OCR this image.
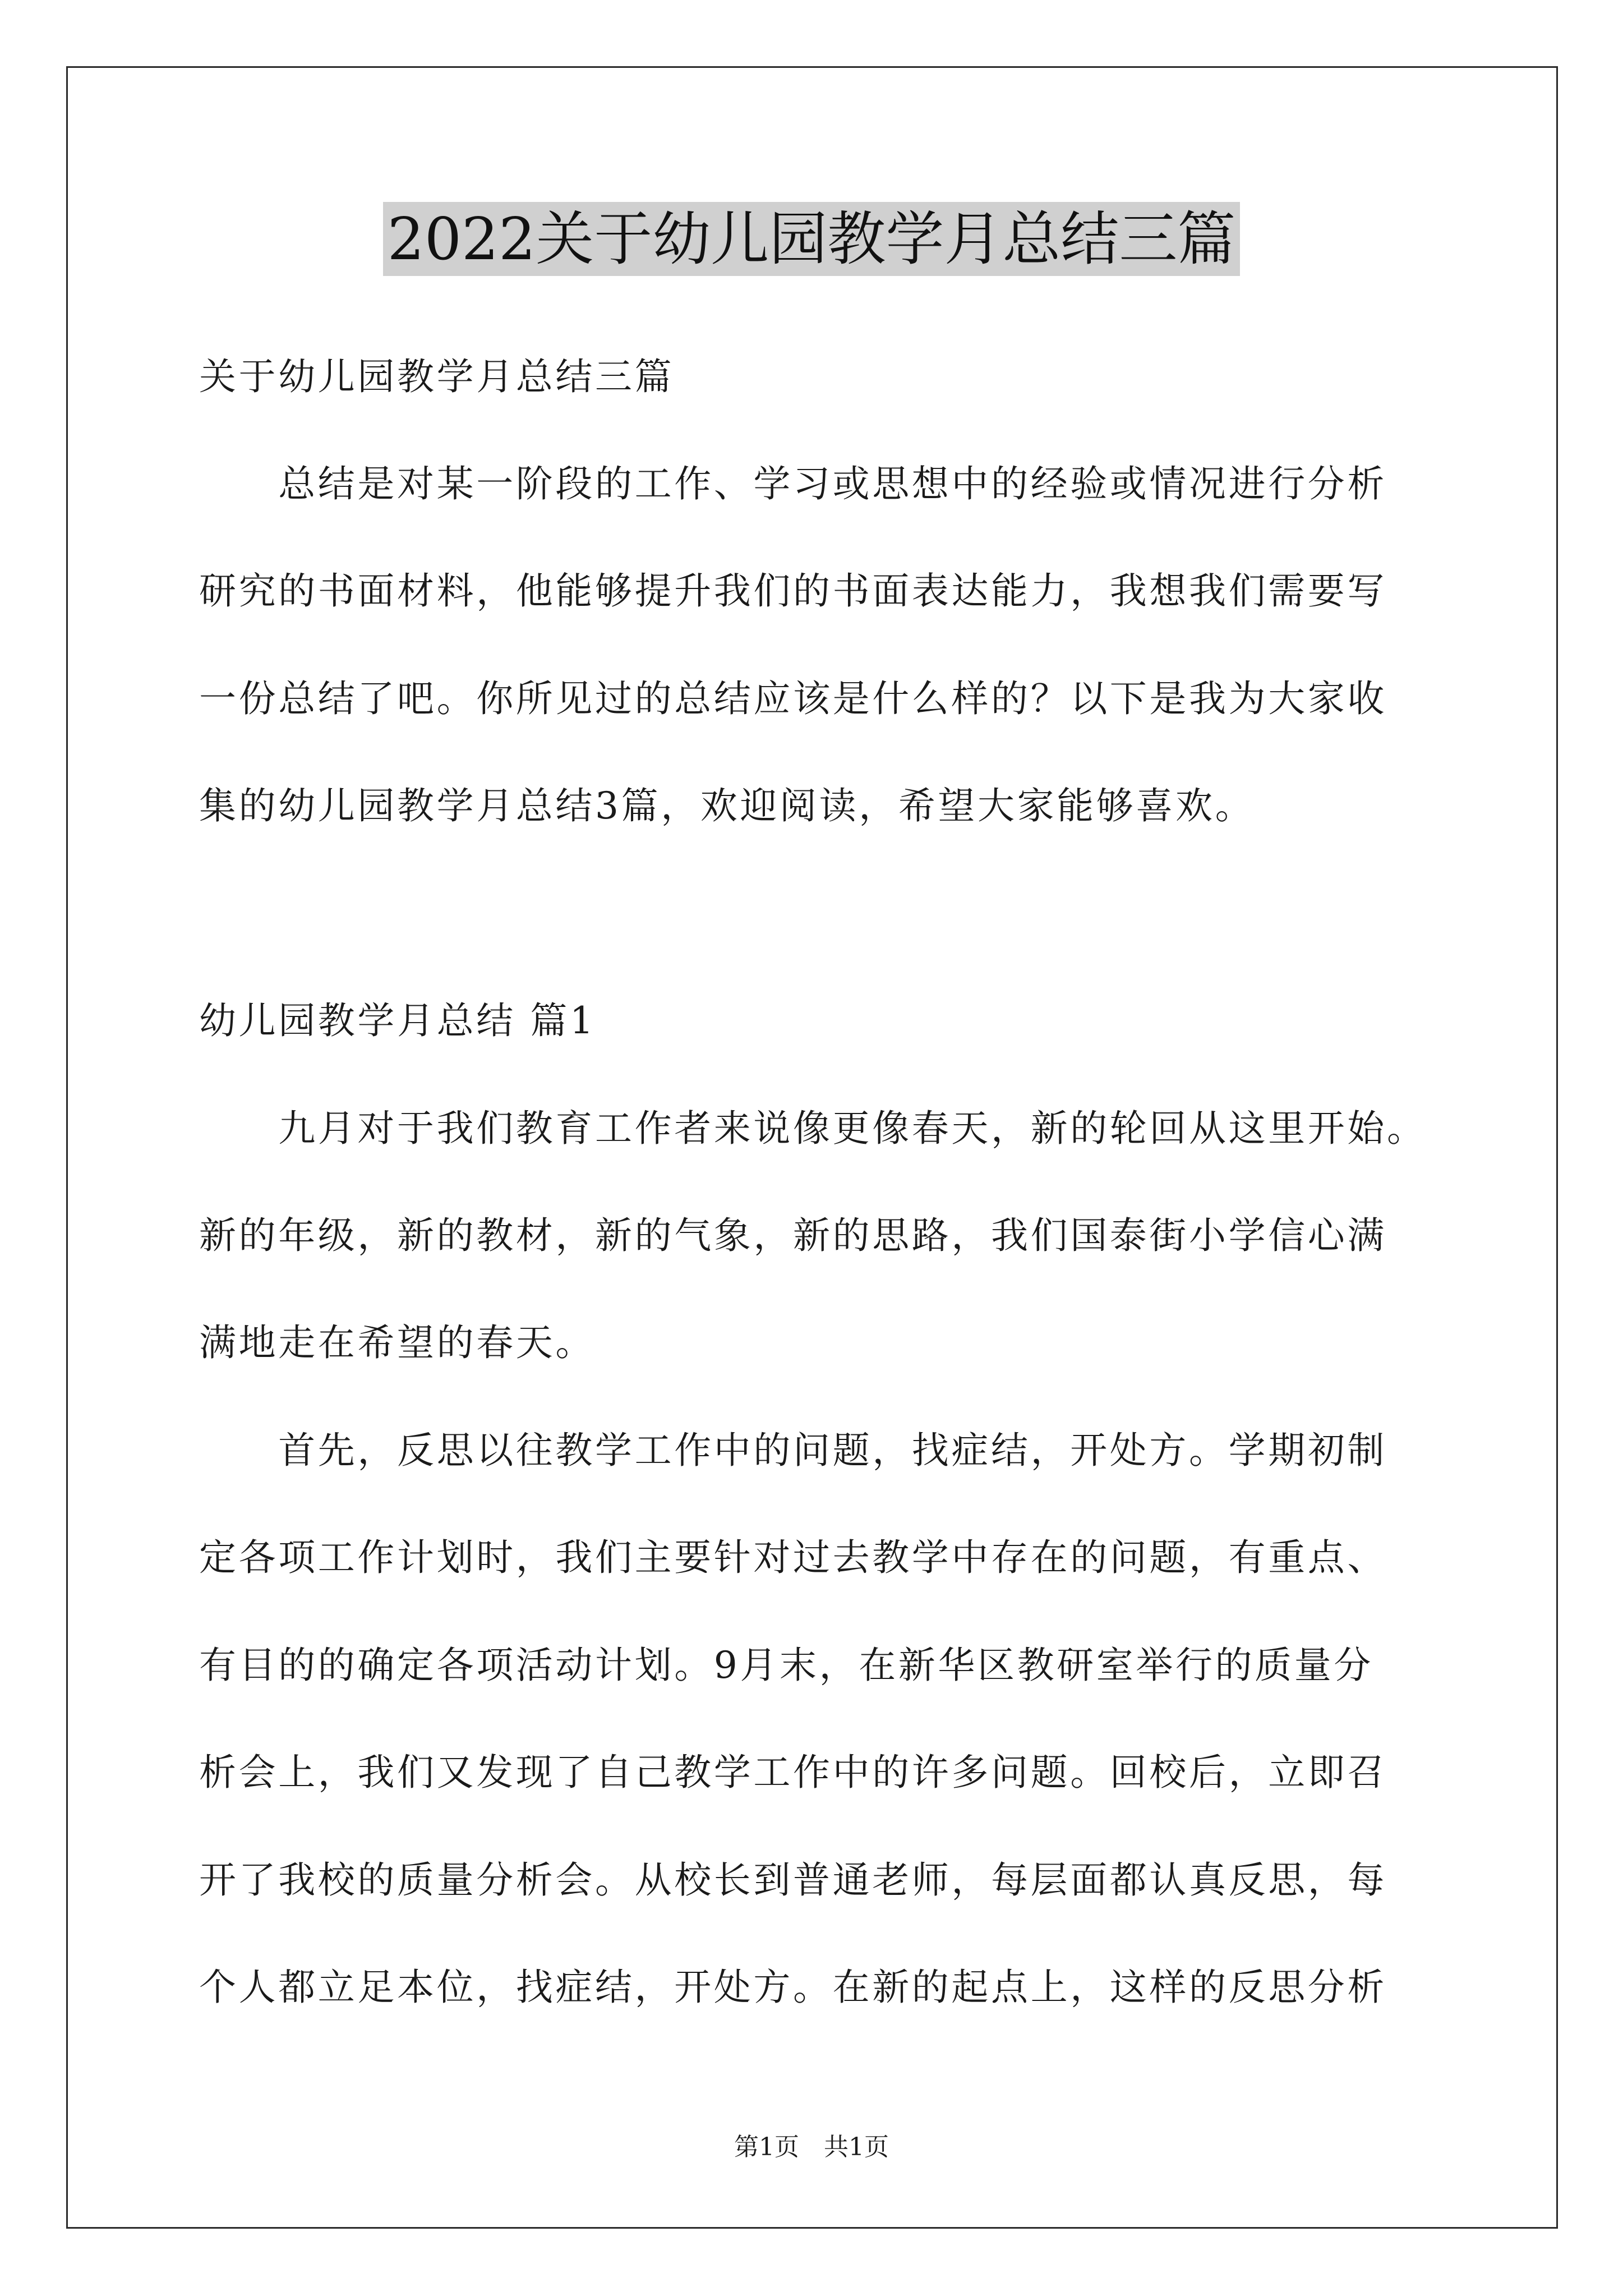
2022关于幼儿园教学月总结三篇
关于幼儿园教学月总结三篇
　　总结是对某一阶段的工作、学习或思想中的经验或情况进行分析
研究的书面材料，他能够提升我们的书面表达能力，我想我们需要写
一份总结了吧。你所见过的总结应该是什么样的？以下是我为大家收
集的幼儿园教学月总结3篇，欢迎阅读，希望大家能够喜欢。
幼儿园教学月总结 篇1
　　九月对于我们教育工作者来说像更像春天，新的轮回从这里开始。
新的年级，新的教材，新的气象，新的思路，我们国泰街小学信心满
满地走在希望的春天。
　　首先，反思以往教学工作中的问题，找症结，开处方。学期初制
定各项工作计划时，我们主要针对过去教学中存在的问题，有重点、
有目的的确定各项活动计划。9月末，在新华区教研室举行的质量分
析会上，我们又发现了自己教学工作中的许多问题。回校后，立即召
开了我校的质量分析会。从校长到普通老师，每层面都认真反思，每
个人都立足本位，找症结，开处方。在新的起点上，这样的反思分析
第1页　共1页
